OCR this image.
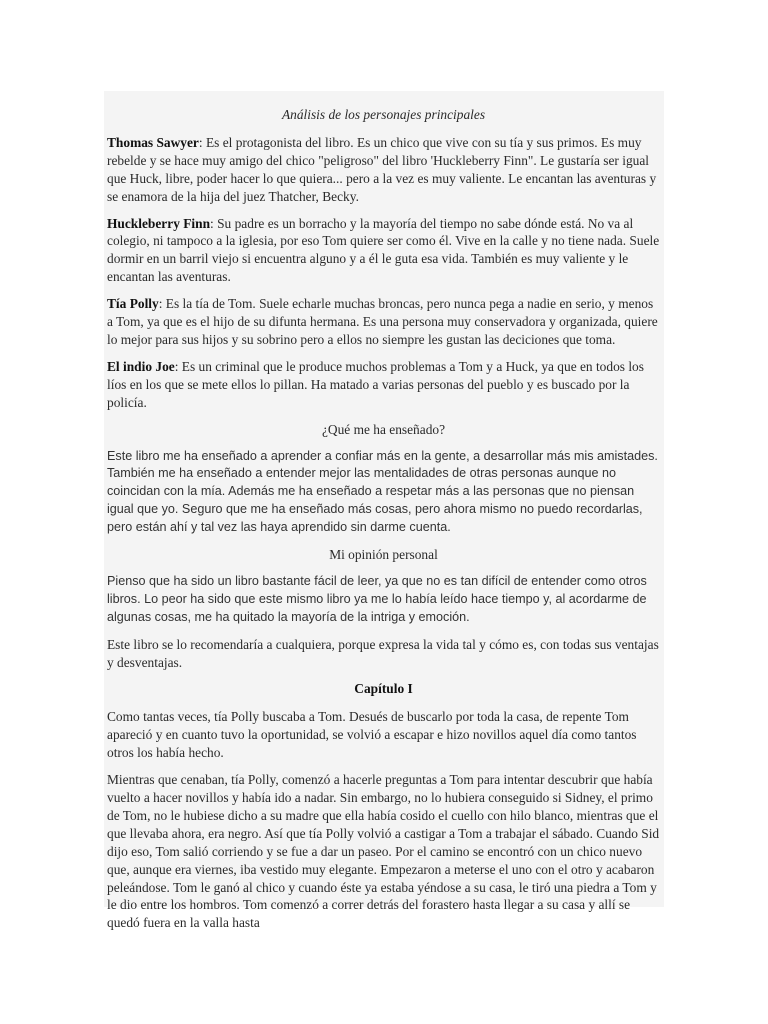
Análisis de los personajes principales

Thomas Sawyer: Es el protagonista del libro. Es un chico que vive con su tía y sus primos. Es muy rebelde y se hace muy amigo del chico "peligroso" del libro 'Huckleberry Finn". Le gustaría ser igual que Huck, libre, poder hacer lo que quiera... pero a la vez es muy valiente. Le encantan las aventuras y se enamora de la hija del juez Thatcher, Becky.

Huckleberry Finn: Su padre es un borracho y la mayoría del tiempo no sabe dónde está. No va al colegio, ni tampoco a la iglesia, por eso Tom quiere ser como él. Vive en la calle y no tiene nada. Suele dormir en un barril viejo si encuentra alguno y a él le guta esa vida. También es muy valiente y le encantan las aventuras.

Tía Polly: Es la tía de Tom. Suele echarle muchas broncas, pero nunca pega a nadie en serio, y menos a Tom, ya que es el hijo de su difunta hermana. Es una persona muy conservadora y organizada, quiere lo mejor para sus hijos y su sobrino pero a ellos no siempre les gustan las deciciones que toma.

El indio Joe: Es un criminal que le produce muchos problemas a Tom y a Huck, ya que en todos los líos en los que se mete ellos lo pillan. Ha matado a varias personas del pueblo y es buscado por la policía.

¿Qué me ha enseñado?

Este libro me ha enseñado a aprender a confiar más en la gente, a desarrollar más mis amistades. También me ha enseñado a entender mejor las mentalidades de otras personas aunque no coincidan con la mía. Además me ha enseñado a respetar más a las personas que no piensan igual que yo. Seguro que me ha enseñado más cosas, pero ahora mismo no puedo recordarlas, pero están ahí y tal vez las haya aprendido sin darme cuenta.

Mi opinión personal

Pienso que ha sido un libro bastante fácil de leer, ya que no es tan difícil de entender como otros libros. Lo peor ha sido que este mismo libro ya me lo había leído hace tiempo y, al acordarme de algunas cosas, me ha quitado la mayoría de la intriga y emoción.

Este libro se lo recomendaría a cualquiera, porque expresa la vida tal y cómo es, con todas sus ventajas y desventajas.

Capítulo I

Como tantas veces, tía Polly buscaba a Tom. Desués de buscarlo por toda la casa, de repente Tom apareció y en cuanto tuvo la oportunidad, se volvió a escapar e hizo novillos aquel día como tantos otros los había hecho.

Mientras que cenaban, tía Polly, comenzó a hacerle preguntas a Tom para intentar descubrir que había vuelto a hacer novillos y había ido a nadar. Sin embargo, no lo hubiera conseguido si Sidney, el primo de Tom, no le hubiese dicho a su madre que ella había cosido el cuello con hilo blanco, mientras que el que llevaba ahora, era negro. Así que tía Polly volvió a castigar a Tom a trabajar el sábado. Cuando Sid dijo eso, Tom salió corriendo y se fue a dar un paseo. Por el camino se encontró con un chico nuevo que, aunque era viernes, iba vestido muy elegante. Empezaron a meterse el uno con el otro y acabaron peleándose. Tom le ganó al chico y cuando éste ya estaba yéndose a su casa, le tiró una piedra a Tom y le dio entre los hombros. Tom comenzó a correr detrás del forastero hasta llegar a su casa y allí se quedó fuera en la valla hasta
